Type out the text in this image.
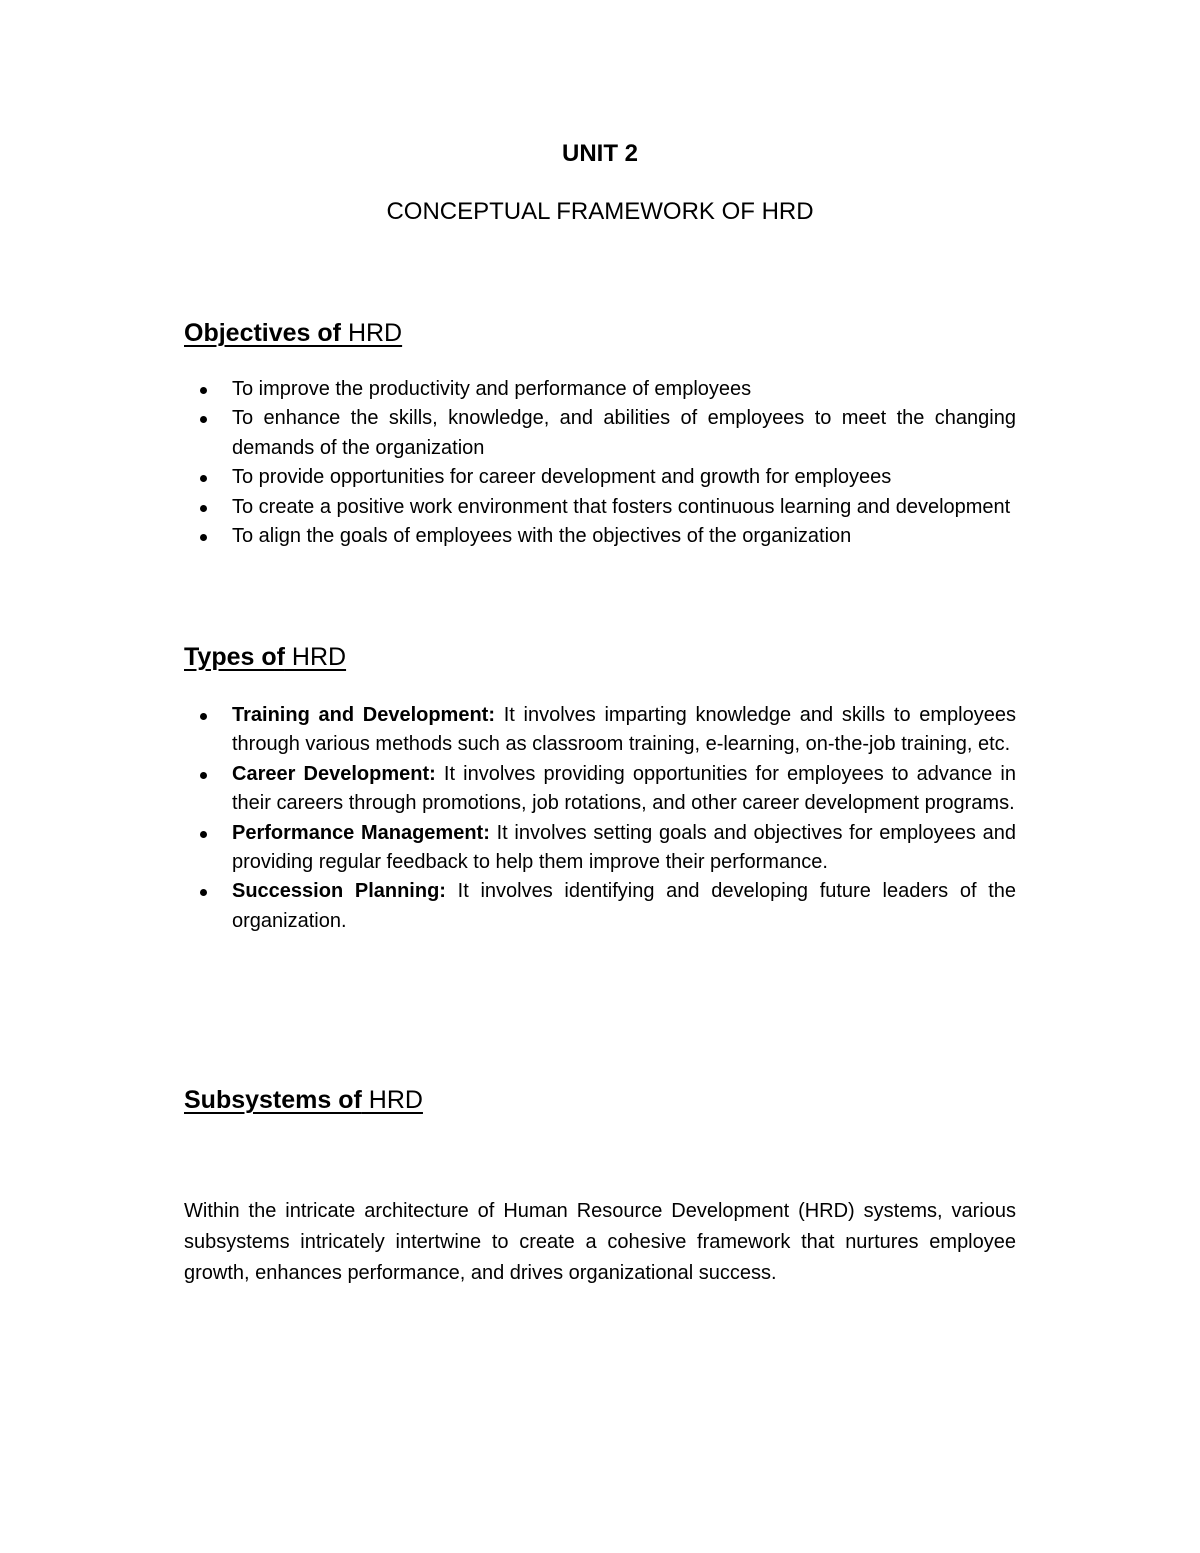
UNIT 2
CONCEPTUAL FRAMEWORK OF HRD
Objectives of HRD
To improve the productivity and performance of employees
To enhance the skills, knowledge, and abilities of employees to meet the changing demands of the organization
To provide opportunities for career development and growth for employees
To create a positive work environment that fosters continuous learning and development
To align the goals of employees with the objectives of the organization
Types of HRD
Training and Development: It involves imparting knowledge and skills to employees through various methods such as classroom training, e-learning, on-the-job training, etc.
Career Development: It involves providing opportunities for employees to advance in their careers through promotions, job rotations, and other career development programs.
Performance Management: It involves setting goals and objectives for employees and providing regular feedback to help them improve their performance.
Succession Planning: It involves identifying and developing future leaders of the organization.
Subsystems of HRD

Within the intricate architecture of Human Resource Development (HRD) systems, various subsystems intricately intertwine to create a cohesive framework that nurtures employee growth, enhances performance, and drives organizational success.
